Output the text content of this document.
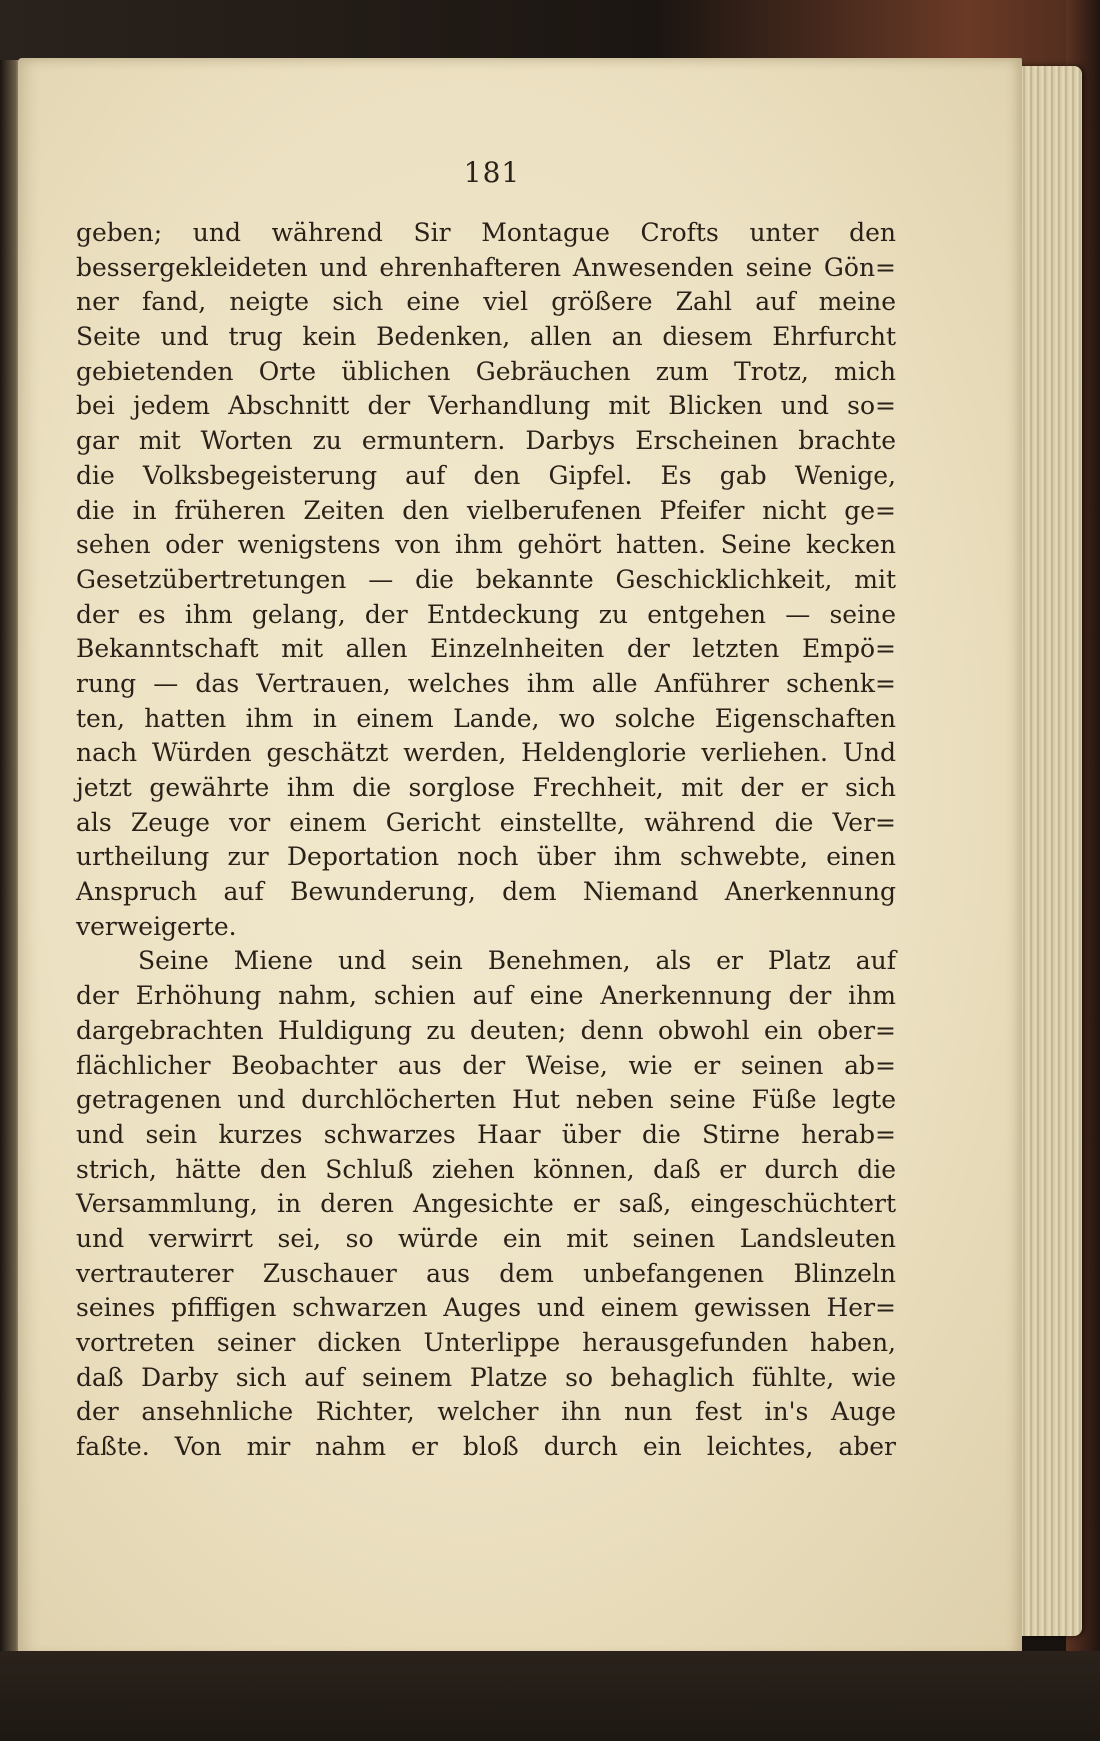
181
geben; und während Sir Montague Crofts unter den
bessergekleideten und ehrenhafteren Anwesenden seine Gön=
ner fand, neigte sich eine viel größere Zahl auf meine
Seite und trug kein Bedenken, allen an diesem Ehrfurcht
gebietenden Orte üblichen Gebräuchen zum Trotz, mich
bei jedem Abschnitt der Verhandlung mit Blicken und so=
gar mit Worten zu ermuntern. Darbys Erscheinen brachte
die Volksbegeisterung auf den Gipfel. Es gab Wenige,
die in früheren Zeiten den vielberufenen Pfeifer nicht ge=
sehen oder wenigstens von ihm gehört hatten. Seine kecken
Gesetzübertretungen — die bekannte Geschicklichkeit, mit
der es ihm gelang, der Entdeckung zu entgehen — seine
Bekanntschaft mit allen Einzelnheiten der letzten Empö=
rung — das Vertrauen, welches ihm alle Anführer schenk=
ten, hatten ihm in einem Lande, wo solche Eigenschaften
nach Würden geschätzt werden, Heldenglorie verliehen. Und
jetzt gewährte ihm die sorglose Frechheit, mit der er sich
als Zeuge vor einem Gericht einstellte, während die Ver=
urtheilung zur Deportation noch über ihm schwebte, einen
Anspruch auf Bewunderung, dem Niemand Anerkennung
verweigerte.
Seine Miene und sein Benehmen, als er Platz auf
der Erhöhung nahm, schien auf eine Anerkennung der ihm
dargebrachten Huldigung zu deuten; denn obwohl ein ober=
flächlicher Beobachter aus der Weise, wie er seinen ab=
getragenen und durchlöcherten Hut neben seine Füße legte
und sein kurzes schwarzes Haar über die Stirne herab=
strich, hätte den Schluß ziehen können, daß er durch die
Versammlung, in deren Angesichte er saß, eingeschüchtert
und verwirrt sei, so würde ein mit seinen Landsleuten
vertrauterer Zuschauer aus dem unbefangenen Blinzeln
seines pfiffigen schwarzen Auges und einem gewissen Her=
vortreten seiner dicken Unterlippe herausgefunden haben,
daß Darby sich auf seinem Platze so behaglich fühlte, wie
der ansehnliche Richter, welcher ihn nun fest in's Auge
faßte. Von mir nahm er bloß durch ein leichtes, aber
